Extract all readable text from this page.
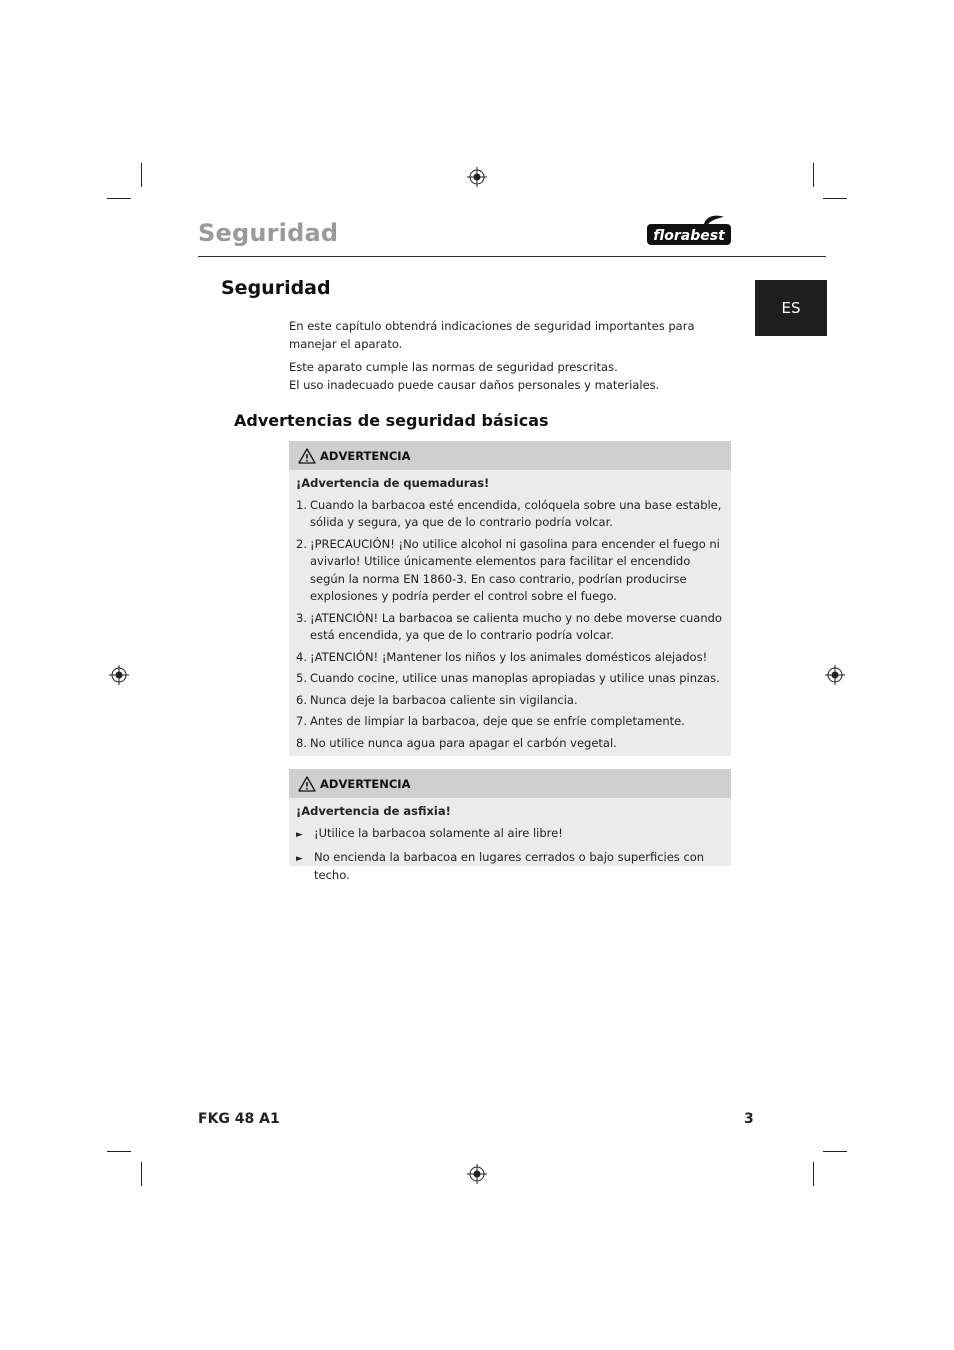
Seguridad	florabest
ES
Seguridad

En este capítulo obtendrá indicaciones de seguridad importantes para manejar el aparato.

Este aparato cumple las normas de seguridad prescritas.

El uso inadecuado puede causar daños personales y materiales.

Advertencias de seguridad básicas
ADVERTENCIA
¡Advertencia de quemaduras!
1. Cuando la barbacoa esté encendida, colóquela sobre una base estable, sólida y segura, ya que de lo contrario podría volcar.
2. ¡PRECAUCIÓN! ¡No utilice alcohol ni gasolina para encender el fuego ni avivarlo! Utilice únicamente elementos para facilitar el encendido según la norma EN 1860-3. En caso contrario, podrían producirse explosiones y podría perder el control sobre el fuego.
3. ¡ATENCIÓN! La barbacoa se calienta mucho y no debe moverse cuando está encendida, ya que de lo contrario podría volcar.
4. ¡ATENCIÓN! ¡Mantener los niños y los animales domésticos alejados!
5. Cuando cocine, utilice unas manoplas apropiadas y utilice unas pinzas.
6. Nunca deje la barbacoa caliente sin vigilancia.
7. Antes de limpiar la barbacoa, deje que se enfríe completamente.
8. No utilice nunca agua para apagar el carbón vegetal.
ADVERTENCIA
¡Advertencia de asfixia!
► ¡Utilice la barbacoa solamente al aire libre!
► No encienda la barbacoa en lugares cerrados o bajo superficies con techo.
FKG 48 A1	3
